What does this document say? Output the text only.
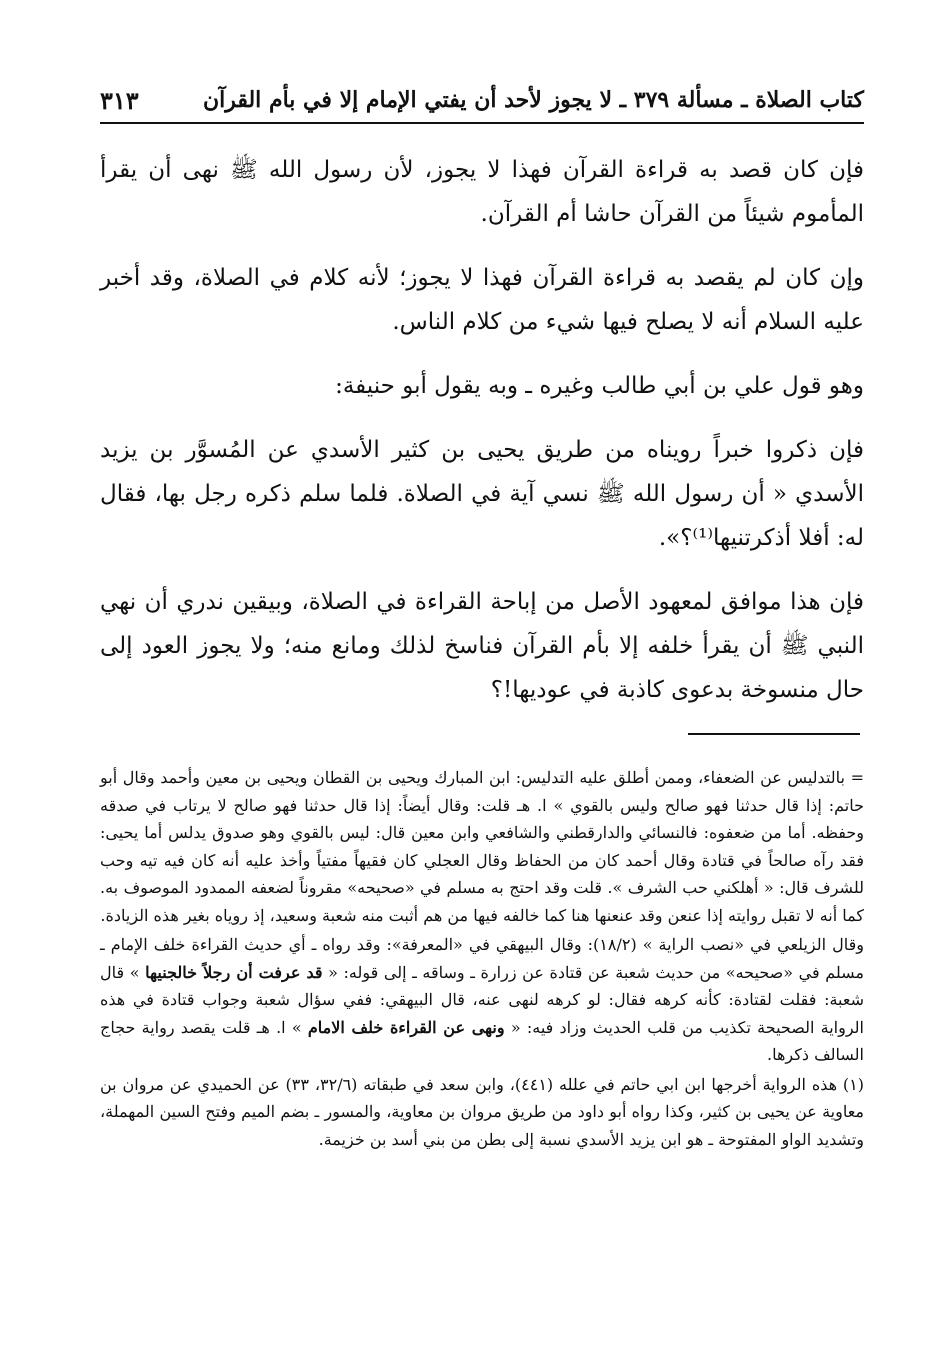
كتاب الصلاة ـ مسألة ٣٧٩ ـ لا يجوز لأحد أن يفتي الإمام إلا في بأم القرآن
٣١٣

فإن كان قصد به قراءة القرآن فهذا لا يجوز، لأن رسول الله ﷺ نهى أن يقرأ المأموم شيئاً من القرآن حاشا أم القرآن.

وإن كان لم يقصد به قراءة القرآن فهذا لا يجوز؛ لأنه كلام في الصلاة، وقد أخبر عليه السلام أنه لا يصلح فيها شيء من كلام الناس.

وهو قول علي بن أبي طالب وغيره ـ وبه يقول أبو حنيفة:

فإن ذكروا خبراً رويناه من طريق يحيى بن كثير الأسدي عن المُسوَّر بن يزيد الأسدي « أن رسول الله ﷺ نسي آية في الصلاة. فلما سلم ذكره رجل بها، فقال له: أفلا أذكرتنيها⁽¹⁾؟».

فإن هذا موافق لمعهود الأصل من إباحة القراءة في الصلاة، وبيقين ندري أن نهي النبي ﷺ أن يقرأ خلفه إلا بأم القرآن فناسخ لذلك ومانع منه؛ ولا يجوز العود إلى حال منسوخة بدعوى كاذبة في عوديها!؟

= بالتدليس عن الضعفاء، وممن أطلق عليه التدليس: ابن المبارك ويحيى بن القطان ويحيى بن معين وأحمد وقال أبو حاتم: إذا قال حدثنا فهو صالح وليس بالقوي » ا. هـ قلت: وقال أيضاً: إذا قال حدثنا فهو صالح لا يرتاب في صدقه وحفظه. أما من ضعفوه: فالنسائي والدارقطني والشافعي وابن معين قال: ليس بالقوي وهو صدوق يدلس أما يحيى: فقد رآه صالحاً في قتادة وقال أحمد كان من الحفاظ وقال العجلي كان فقيهاً مفتياً وأخذ عليه أنه كان فيه تيه وحب للشرف قال: « أهلكني حب الشرف ». قلت وقد احتج به مسلم في «صحيحه» مقروناً لضعفه الممدود الموصوف به. كما أنه لا تقبل روايته إذا عنعن وقد عنعنها هنا كما خالفه فيها من هم أثبت منه شعبة وسعيد، إذ روياه بغير هذه الزيادة.

وقال الزيلعي في «نصب الراية » (١٨/٢): وقال البيهقي في «المعرفة»: وقد رواه ـ أي حديث القراءة خلف الإمام ـ مسلم في «صحيحه» من حديث شعبة عن قتادة عن زرارة ـ وساقه ـ إلى قوله: « قد عرفت أن رجلاً خالجنيها » قال شعبة: فقلت لقتادة: كأنه كرهه فقال: لو كرهه لنهى عنه، قال البيهقي: ففي سؤال شعبة وجواب قتادة في هذه الرواية الصحيحة تكذيب من قلب الحديث وزاد فيه: « ونهى عن القراءة خلف الامام » ا. هـ قلت يقصد رواية حجاج السالف ذكرها.

(١) هذه الرواية أخرجها ابن ابي حاتم في علله (٤٤١)، وابن سعد في طبقاته (٣٢/٦، ٣٣) عن الحميدي عن مروان بن معاوية عن يحيى بن كثير، وكذا رواه أبو داود من طريق مروان بن معاوية، والمسور ـ بضم الميم وفتح السين المهملة، وتشديد الواو المفتوحة ـ هو ابن يزيد الأسدي نسبة إلى بطن من بني أسد بن خزيمة.
